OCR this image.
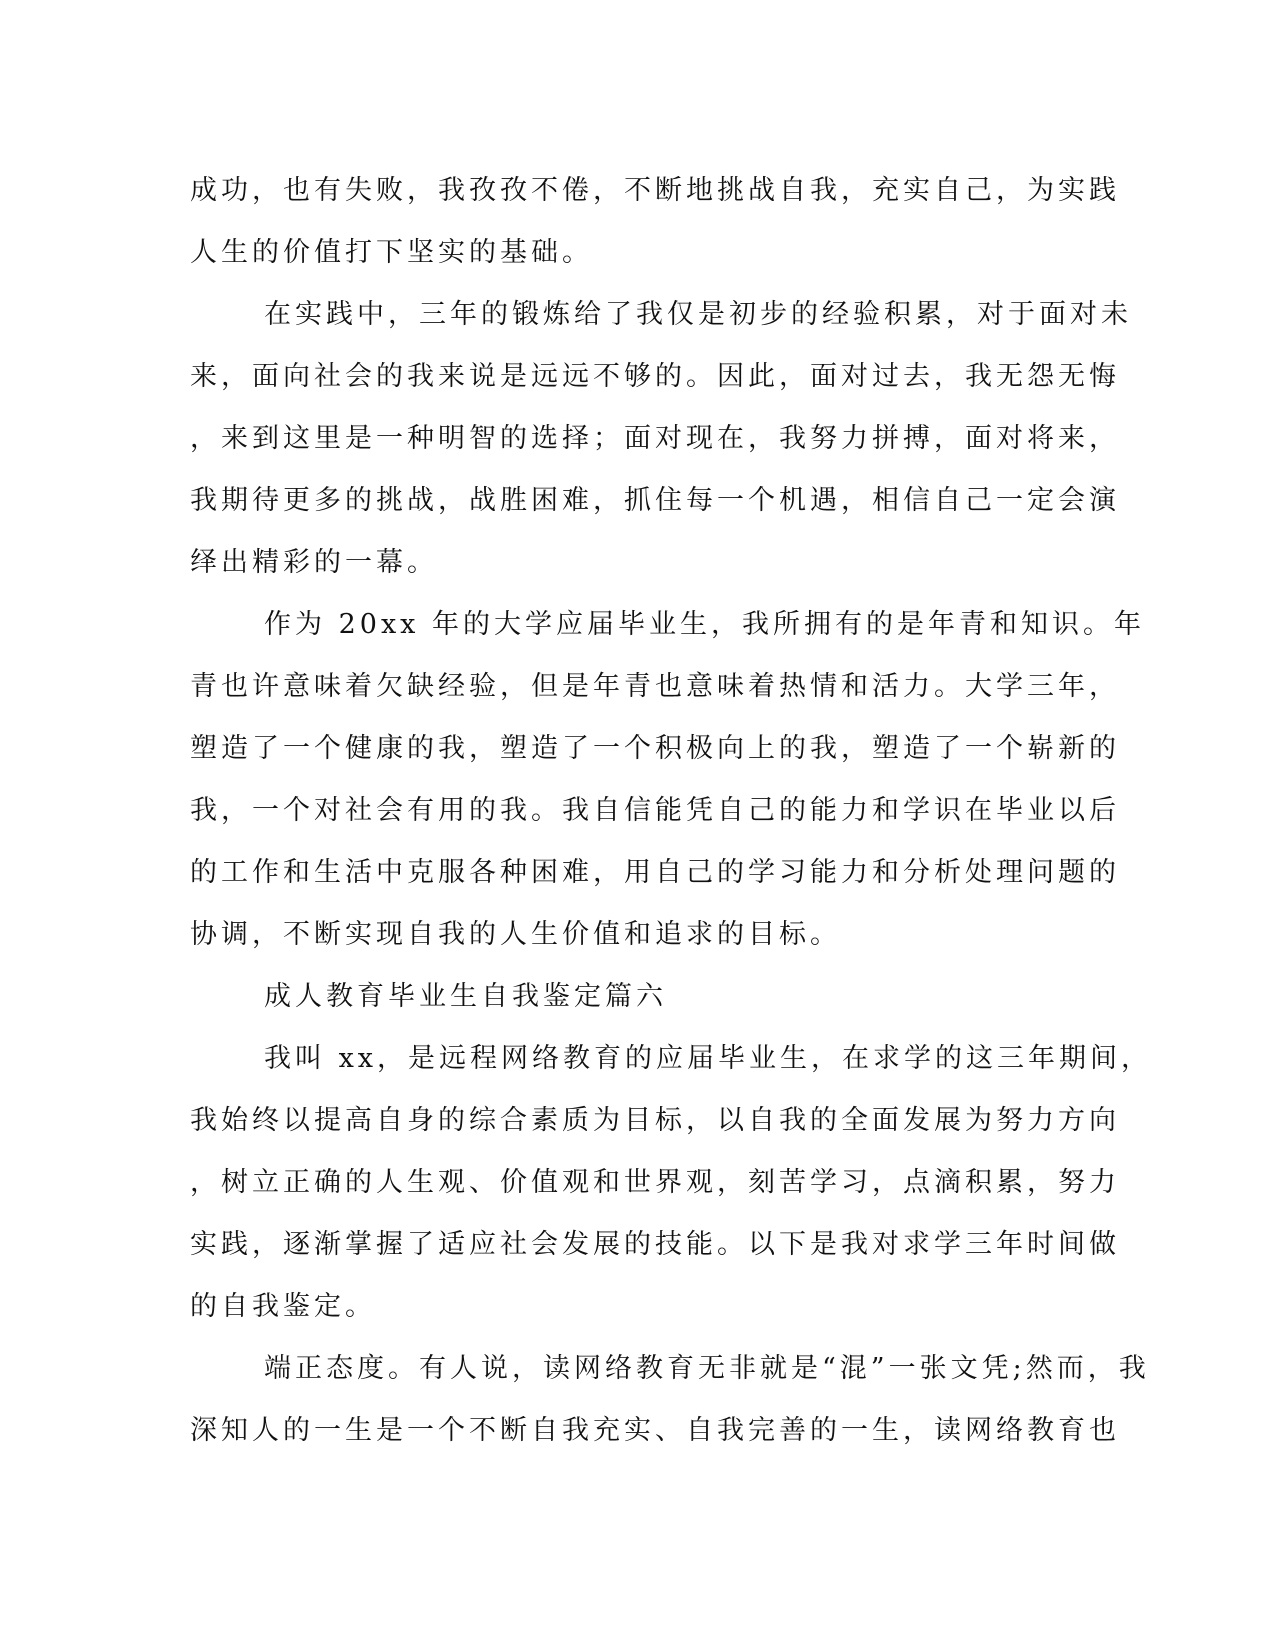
成功，也有失败，我孜孜不倦，不断地挑战自我，充实自己，为实践
人生的价值打下坚实的基础。
在实践中，三年的锻炼给了我仅是初步的经验积累，对于面对未
来，面向社会的我来说是远远不够的。因此，面对过去，我无怨无悔
，来到这里是一种明智的选择；面对现在，我努力拼搏，面对将来，
我期待更多的挑战，战胜困难，抓住每一个机遇，相信自己一定会演
绎出精彩的一幕。
作为 20xx 年的大学应届毕业生，我所拥有的是年青和知识。年
青也许意味着欠缺经验，但是年青也意味着热情和活力。大学三年，
塑造了一个健康的我，塑造了一个积极向上的我，塑造了一个崭新的
我，一个对社会有用的我。我自信能凭自己的能力和学识在毕业以后
的工作和生活中克服各种困难，用自己的学习能力和分析处理问题的
协调，不断实现自我的人生价值和追求的目标。
成人教育毕业生自我鉴定篇六
我叫 xx，是远程网络教育的应届毕业生，在求学的这三年期间，
我始终以提高自身的综合素质为目标，以自我的全面发展为努力方向
，树立正确的人生观、价值观和世界观，刻苦学习，点滴积累，努力
实践，逐渐掌握了适应社会发展的技能。以下是我对求学三年时间做
的自我鉴定。
端正态度。有人说，读网络教育无非就是“混”一张文凭;然而，我
深知人的一生是一个不断自我充实、自我完善的一生，读网络教育也
